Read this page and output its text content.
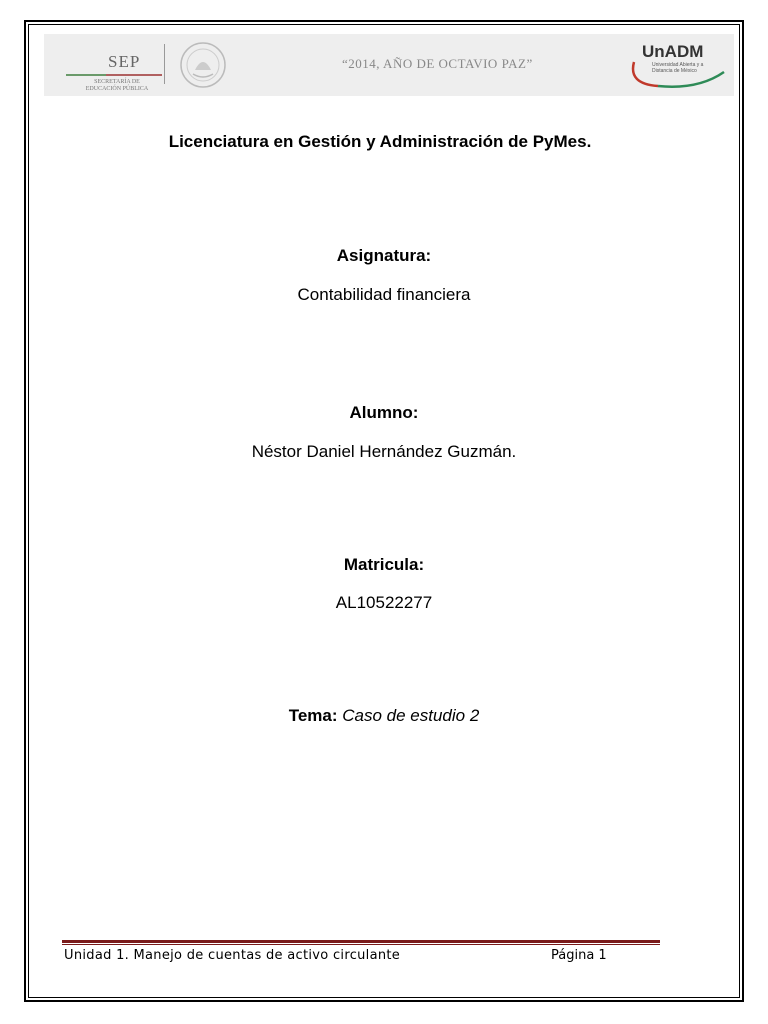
SEP
SECRETARÍA DE EDUCACIÓN PÚBLICA
“2014, AÑO DE OCTAVIO PAZ”
UnADM
Universidad Abierta y a Distancia de México
Licenciatura en Gestión y Administración de PyMes.
Asignatura:
Contabilidad financiera
Alumno:
Néstor Daniel Hernández Guzmán.
Matricula:
AL10522277
Tema: Caso de estudio 2
Unidad 1. Manejo de cuentas de activo circulante	Página 1
